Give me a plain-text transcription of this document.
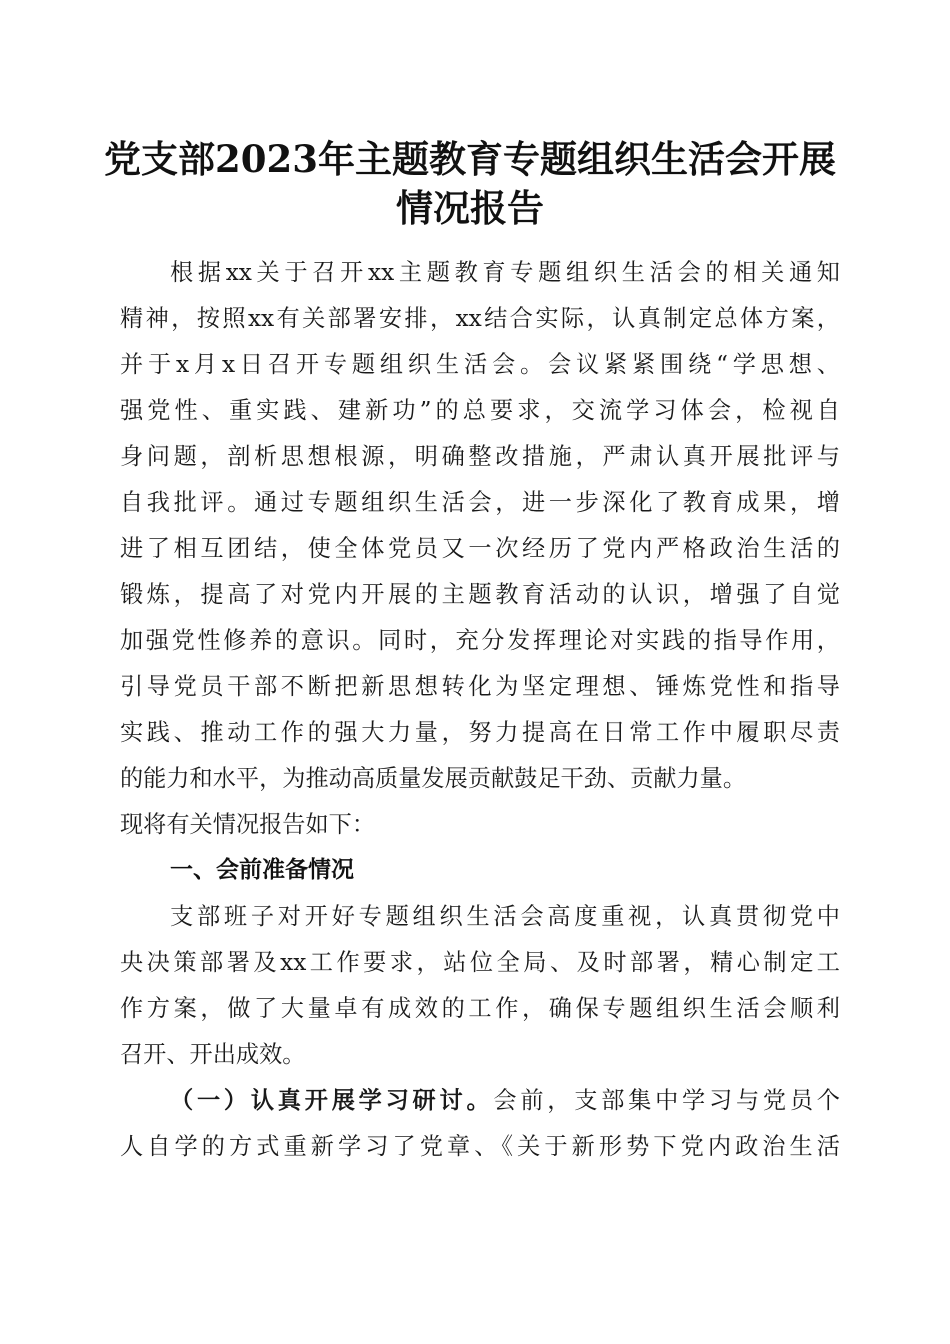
党支部2023年主题教育专题组织生活会开展
情况报告
根据xx关于召开xx主题教育专题组织生活会的相关通知
精神，按照xx有关部署安排，xx结合实际，认真制定总体方案，
并于x月x日召开专题组织生活会。会议紧紧围绕“学思想、
强党性、重实践、建新功”的总要求，交流学习体会，检视自
身问题，剖析思想根源，明确整改措施，严肃认真开展批评与
自我批评。通过专题组织生活会，进一步深化了教育成果，增
进了相互团结，使全体党员又一次经历了党内严格政治生活的
锻炼，提高了对党内开展的主题教育活动的认识，增强了自觉
加强党性修养的意识。同时，充分发挥理论对实践的指导作用，
引导党员干部不断把新思想转化为坚定理想、锤炼党性和指导
实践、推动工作的强大力量，努力提高在日常工作中履职尽责
的能力和水平，为推动高质量发展贡献鼓足干劲、贡献力量。
现将有关情况报告如下：
一、会前准备情况
支部班子对开好专题组织生活会高度重视，认真贯彻党中
央决策部署及xx工作要求，站位全局、及时部署，精心制定工
作方案，做了大量卓有成效的工作，确保专题组织生活会顺利
召开、开出成效。
（一）认真开展学习研讨。会前，支部集中学习与党员个
人自学的方式重新学习了党章、《关于新形势下党内政治生活
